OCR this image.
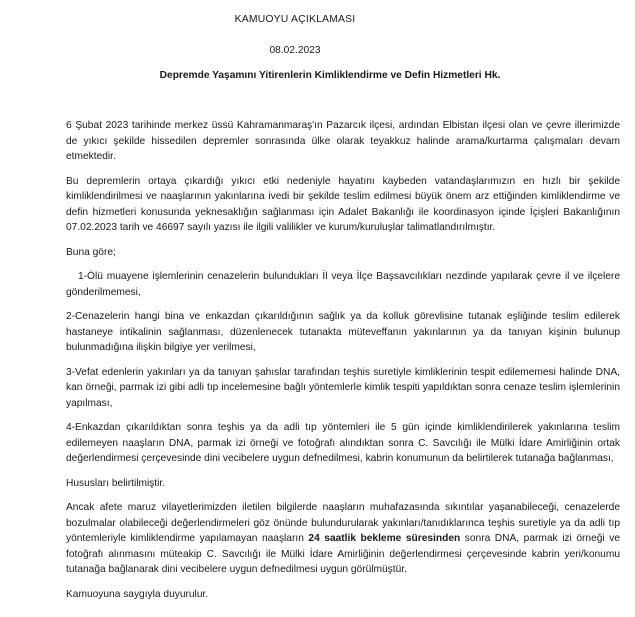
KAMUOYU AÇIKLAMASI
08.02.2023
Depremde Yaşamını Yitirenlerin Kimliklendirme ve Defin Hizmetleri Hk.

6 Şubat 2023 tarihinde merkez üssü Kahramanmaraş'ın Pazarcık ilçesi, ardından Elbistan ilçesi olan ve çevre illerimizde de yıkıcı şekilde hissedilen depremler sonrasında ülke olarak teyakkuz halinde arama/kurtarma çalışmaları devam etmektedir.

Bu depremlerin ortaya çıkardığı yıkıcı etki nedeniyle hayatını kaybeden vatandaşlarımızın en hızlı bir şekilde kimliklendirilmesi ve naaşlarının yakınlarına ivedi bir şekilde teslim edilmesi büyük önem arz ettiğinden kimliklendirme ve defin hizmetleri konusunda yeknesaklığın sağlanması için Adalet Bakanlığı ile koordinasyon içinde İçişleri Bakanlığının 07.02.2023 tarih ve 46697 sayılı yazısı ile ilgili valilikler ve kurum/kuruluşlar talimatlandırılmıştır.

Buna göre;

1-Ölü muayene işlemlerinin cenazelerin bulundukları İl veya İlçe Başsavcılıkları nezdinde yapılarak çevre il ve ilçelere gönderilmemesi,

2-Cenazelerin hangi bina ve enkazdan çıkarıldığının sağlık ya da kolluk görevlisine tutanak eşliğinde teslim edilerek hastaneye intikalinin sağlanması, düzenlenecek tutanakta müteveffanın yakınlarının ya da tanıyan kişinin bulunup bulunmadığına ilişkin bilgiye yer verilmesi,

3-Vefat edenlerin yakınları ya da tanıyan şahıslar tarafından teşhis suretiyle kimliklerinin tespit edilememesi halinde DNA, kan örneği, parmak izi gibi adli tıp incelemesine bağlı yöntemlerle kimlik tespiti yapıldıktan sonra cenaze teslim işlemlerinin yapılması,

4-Enkazdan çıkarıldıktan sonra teşhis ya da adli tıp yöntemleri ile 5 gün içinde kimliklendirilerek yakınlarına teslim edilemeyen naaşların DNA, parmak izi örneği ve fotoğrafı alındıktan sonra C. Savcılığı ile Mülki İdare Amirliğinin ortak değerlendirmesi çerçevesinde dini vecibelere uygun defnedilmesi, kabrin konumunun da belirtilerek tutanağa bağlanması,

Hususları belirtilmiştir.

Ancak afete maruz vilayetlerimizden iletilen bilgilerde naaşların muhafazasında sıkıntılar yaşanabileceği, cenazelerde bozulmalar olabileceği değerlendirmeleri göz önünde bulundurularak yakınları/tanıdıklarınca teşhis suretiyle ya da adli tıp yöntemleriyle kimliklendirme yapılamayan naaşların 24 saatlik bekleme süresinden sonra DNA, parmak izi örneği ve fotoğrafı alınmasını müteakip C. Savcılığı ile Mülki İdare Amirliğinin değerlendirmesi çerçevesinde kabrin yeri/konumu tutanağa bağlanarak dini vecibelere uygun defnedilmesi uygun görülmüştür.

Kamuoyuna saygıyla duyurulur.
